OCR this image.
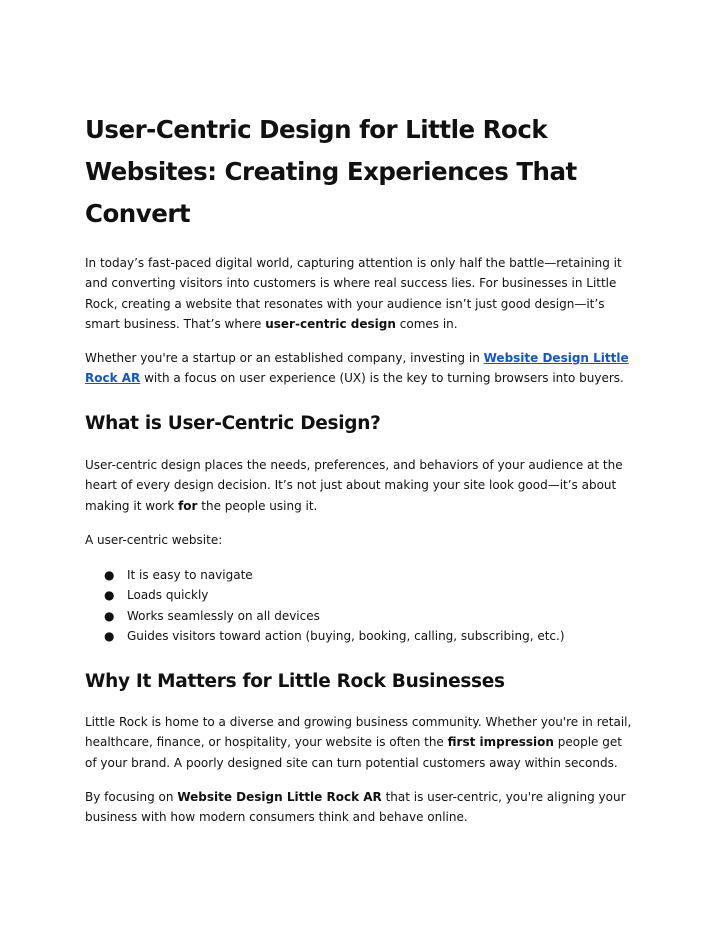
User-Centric Design for Little Rock Websites: Creating Experiences That Convert

In today’s fast-paced digital world, capturing attention is only half the battle—retaining it and converting visitors into customers is where real success lies. For businesses in Little Rock, creating a website that resonates with your audience isn’t just good design—it’s smart business. That’s where user-centric design comes in.

Whether you're a startup or an established company, investing in Website Design Little Rock AR with a focus on user experience (UX) is the key to turning browsers into buyers.

What is User-Centric Design?

User-centric design places the needs, preferences, and behaviors of your audience at the heart of every design decision. It’s not just about making your site look good—it’s about making it work for the people using it.

A user-centric website:

● It is easy to navigate
● Loads quickly
● Works seamlessly on all devices
● Guides visitors toward action (buying, booking, calling, subscribing, etc.)
Why It Matters for Little Rock Businesses

Little Rock is home to a diverse and growing business community. Whether you're in retail, healthcare, finance, or hospitality, your website is often the first impression people get of your brand. A poorly designed site can turn potential customers away within seconds.

By focusing on Website Design Little Rock AR that is user-centric, you're aligning your business with how modern consumers think and behave online.
